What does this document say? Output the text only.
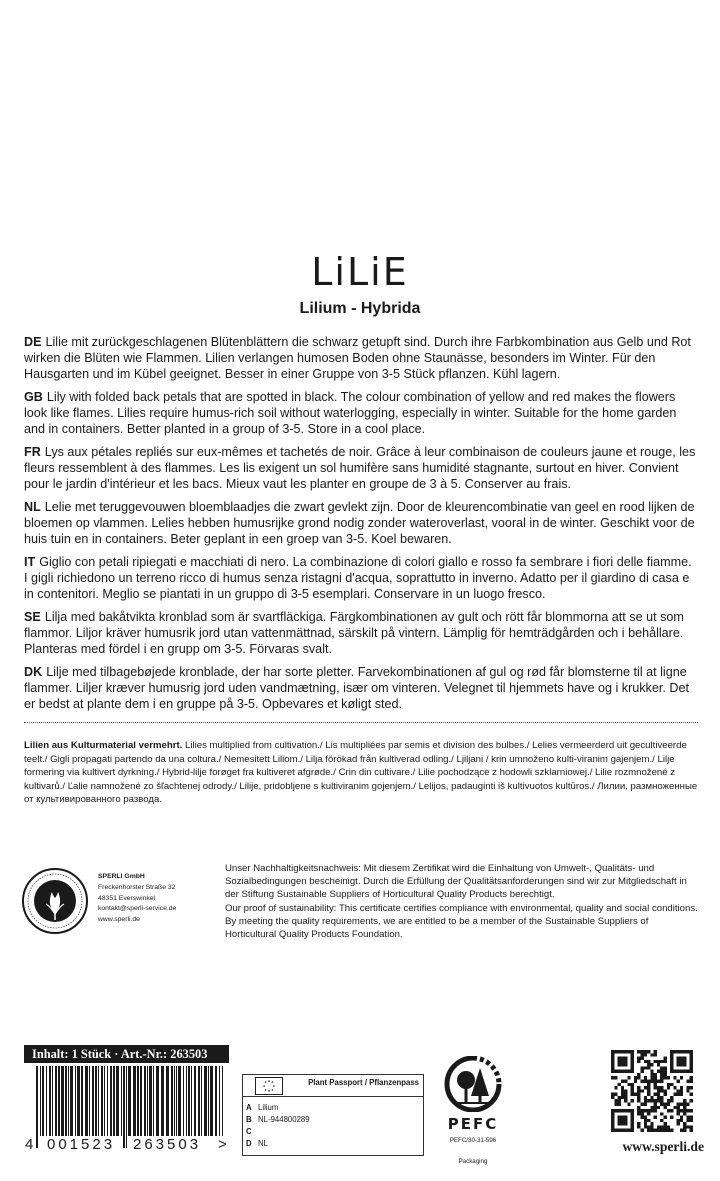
LiLiE
Lilium - Hybrida

DE Lilie mit zurückgeschlagenen Blütenblättern die schwarz getupft sind. Durch ihre Farbkombination aus Gelb und Rot wirken die Blüten wie Flammen. Lilien verlangen humosen Boden ohne Staunässe, besonders im Winter. Für den Hausgarten und im Kübel geeignet. Besser in einer Gruppe von 3-5 Stück pflanzen. Kühl lagern.

GB Lily with folded back petals that are spotted in black. The colour combination of yellow and red makes the flowers look like flames. Lilies require humus-rich soil without waterlogging, especially in winter. Suitable for the home garden and in containers. Better planted in a group of 3-5. Store in a cool place.

FR Lys aux pétales repliés sur eux-mêmes et tachetés de noir. Grâce à leur combinaison de couleurs jaune et rouge, les fleurs ressemblent à des flammes. Les lis exigent un sol humifère sans humidité stagnante, surtout en hiver. Convient pour le jardin d'intérieur et les bacs. Mieux vaut les planter en groupe de 3 à 5. Conserver au frais.

NL Lelie met teruggevouwen bloemblaadjes die zwart gevlekt zijn. Door de kleurencombinatie van geel en rood lijken de bloemen op vlammen. Lelies hebben humusrijke grond nodig zonder wateroverlast, vooral in de winter. Geschikt voor de huis tuin en in containers. Beter geplant in een groep van 3-5. Koel bewaren.

IT Giglio con petali ripiegati e macchiati di nero. La combinazione di colori giallo e rosso fa sembrare i fiori delle fiamme. I gigli richiedono un terreno ricco di humus senza ristagni d'acqua, soprattutto in inverno. Adatto per il giardino di casa e in contenitori. Meglio se piantati in un gruppo di 3-5 esemplari. Conservare in un luogo fresco.

SE Lilja med bakåtvikta kronblad som är svartfläckiga. Färgkombinationen av gult och rött får blommorna att se ut som flammor. Liljor kräver humusrik jord utan vattenmättnad, särskilt på vintern. Lämplig för hemträdgården och i behållare. Planteras med fördel i en grupp om 3-5. Förvaras svalt.

DK Lilje med tilbagebøjede kronblade, der har sorte pletter. Farvekombinationen af gul og rød får blomsterne til at ligne flammer. Liljer kræver humusrig jord uden vandmætning, især om vinteren. Velegnet til hjemmets have og i krukker. Det er bedst at plante dem i en gruppe på 3-5. Opbevares et køligt sted.

Lilien aus Kulturmaterial vermehrt. Lilies multiplied from cultivation./ Lis multipliées par semis et division des bulbes./ Lelies vermeerderd uit gecultiveerde teelt./ Gigli propagati partendo da una coltura./ Nemesitett Liliom./ Lilja förökad från kultiverad odling./ Ljiljani / krin umnoženo kulti-viranim gajenjem./ Lilje formering via kultivert dyrkning./ Hybrid-lilje forøget fra kultiveret afgrøde./ Crin din cultivare./ Lilie pochodzące z hodowli szklarniowej./ Lilie rozmnožené z kultivarů./ Ľalie namnožené zo šľachtenej odrody./ Lilije, pridobljene s kultiviranim gojenjem./ Lelijos, padauginti iš kultivuotos kultūros./ Лилии, размноженные от культивированного развода.
SPERLI GmbH
Freckenhorster Straße 32
48351 Everswinkel
kontakt@sperli-service.de
www.sperli.de

Unser Nachhaltigkeitsnachweis: Mit diesem Zertifikat wird die Einhaltung von Umwelt-, Qualitäts- und Sozialbedingungen bescheinigt. Durch die Erfüllung der Qualitätsanforderungen sind wir zur Mitgliedschaft in der Stiftung Sustainable Suppliers of Horticultural Quality Products berechtigt.

Our proof of sustainability: This certificate certifies compliance with environmental, quality and social conditions. By meeting the quality requirements, we are entitled to be a member of the Sustainable Suppliers of Horticultural Quality Products Foundation.

Inhalt: 1 Stück · Art.-Nr.: 263503
4 001523 263503 >
Plant Passport / Pflanzenpass
A Lilium
B NL-944800289
C
D NL
PEFC
PEFC/30-31-596
Packaging
www.sperli.de
